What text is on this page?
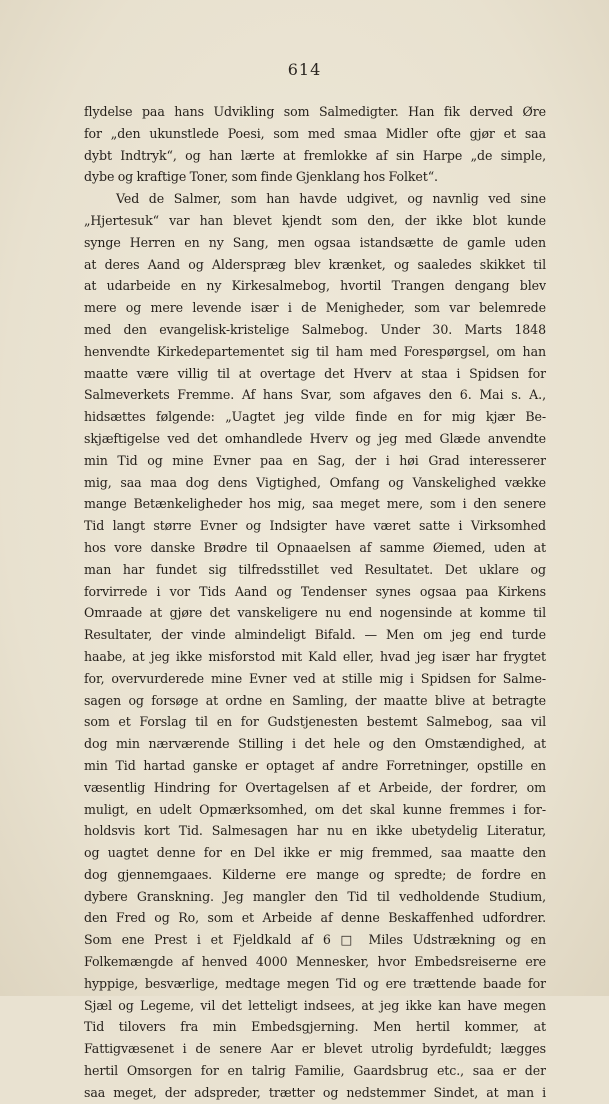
614
flydelse paa hans Udvikling som Salmedigter. Han fik derved Øre
for „den ukunstlede Poesi, som med smaa Midler ofte gjør et saa
dybt Indtryk“, og han lærte at fremlokke af sin Harpe „de simple,
dybe og kraftige Toner, som finde Gjenklang hos Folket“.
Ved de Salmer, som han havde udgivet, og navnlig ved sine
„Hjertesuk“ var han blevet kjendt som den, der ikke blot kunde
synge Herren en ny Sang, men ogsaa istandsætte de gamle uden
at deres Aand og Alderspræg blev krænket, og saaledes skikket til
at udarbeide en ny Kirkesalmebog, hvortil Trangen dengang blev
mere og mere levende især i de Menigheder, som var belemrede
med den evangelisk-kristelige Salmebog. Under 30. Marts 1848
henvendte Kirkedepartementet sig til ham med Forespørgsel, om han
maatte være villig til at overtage det Hverv at staa i Spidsen for
Salmeverkets Fremme. Af hans Svar, som afgaves den 6. Mai s. A.,
hidsættes følgende: „Uagtet jeg vilde finde en for mig kjær Be-
skjæftigelse ved det omhandlede Hverv og jeg med Glæde anvendte
min Tid og mine Evner paa en Sag, der i høi Grad interesserer
mig, saa maa dog dens Vigtighed, Omfang og Vanskelighed vække
mange Betænkeligheder hos mig, saa meget mere, som i den senere
Tid langt større Evner og Indsigter have været satte i Virksomhed
hos vore danske Brødre til Opnaaelsen af samme Øiemed, uden at
man har fundet sig tilfredsstillet ved Resultatet. Det uklare og
forvirrede i vor Tids Aand og Tendenser synes ogsaa paa Kirkens
Omraade at gjøre det vanskeligere nu end nogensinde at komme til
Resultater, der vinde almindeligt Bifald. — Men om jeg end turde
haabe, at jeg ikke misforstod mit Kald eller, hvad jeg især har frygtet
for, overvurderede mine Evner ved at stille mig i Spidsen for Salme-
sagen og forsøge at ordne en Samling, der maatte blive at betragte
som et Forslag til en for Gudstjenesten bestemt Salmebog, saa vil
dog min nærværende Stilling i det hele og den Omstændighed, at
min Tid hartad ganske er optaget af andre Forretninger, opstille en
væsentlig Hindring for Overtagelsen af et Arbeide, der fordrer, om
muligt, en udelt Opmærksomhed, om det skal kunne fremmes i for-
holdsvis kort Tid. Salmesagen har nu en ikke ubetydelig Literatur,
og uagtet denne for en Del ikke er mig fremmed, saa maatte den
dog gjennemgaaes. Kilderne ere mange og spredte; de fordre en
dybere Granskning. Jeg mangler den Tid til vedholdende Studium,
den Fred og Ro, som et Arbeide af denne Beskaffenhed udfordrer.
Som ene Prest i et Fjeldkald af 6 □ Miles Udstrækning og en
Folkemængde af henved 4000 Mennesker, hvor Embedsreiserne ere
hyppige, besværlige, medtage megen Tid og ere trættende baade for
Sjæl og Legeme, vil det letteligt indsees, at jeg ikke kan have megen
Tid tilovers fra min Embedsgjerning. Men hertil kommer, at
Fattigvæsenet i de senere Aar er blevet utrolig byrdefuldt; lægges
hertil Omsorgen for en talrig Familie, Gaardsbrug etc., saa er der
saa meget, der adspreder, trætter og nedstemmer Sindet, at man i
